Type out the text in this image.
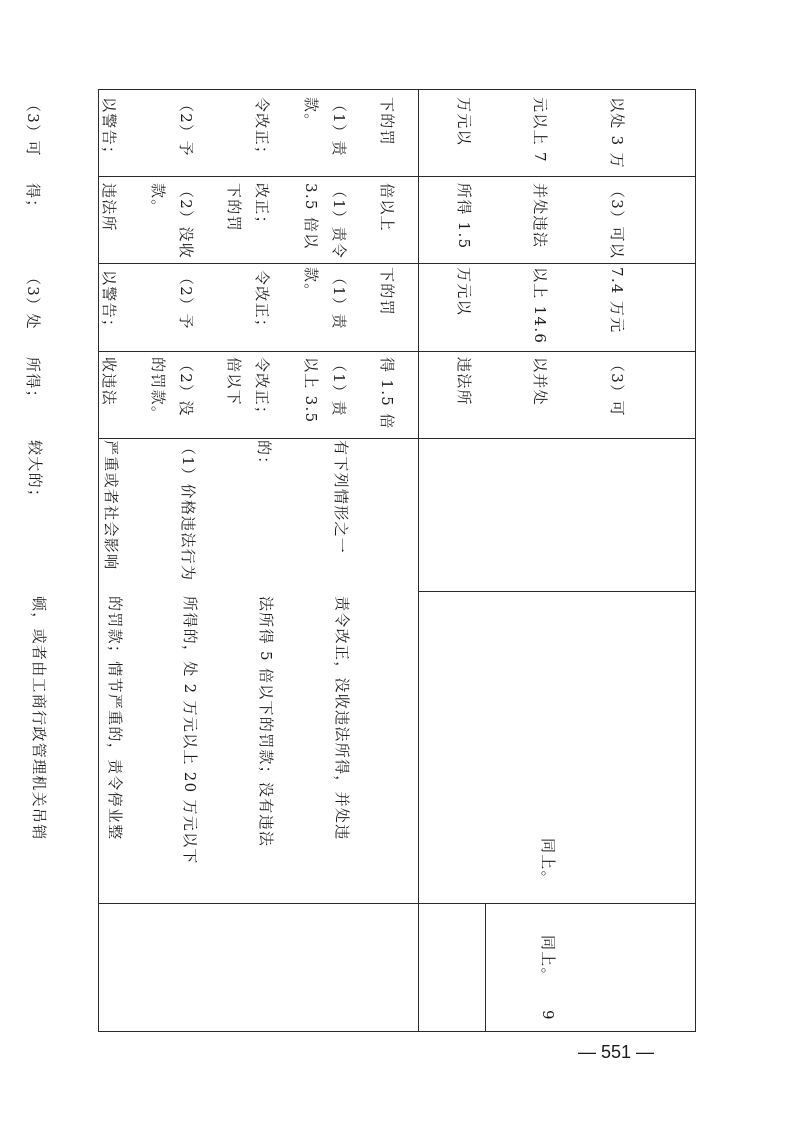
以处 3 万

元以上 7

万元以

下的罚

款。

（3）可以

并处违法

所得 1.5

倍以上

3.5 倍以

下的罚

款。

7.4 万元

以上 14.6

万元以

下的罚

款。

（3）可

以并处

违法所

得 1.5 倍

以上 3.5

倍以下

的罚款。

（1）责

令改正；

（2）予

以警告；

（3）可

（1）责令

改正；

（2）没收

违法所

得；

（1）责

令改正；

（2）予

以警告；

（3）处

（1）责

令改正；

（2）没

收违法

所得；

有下列情形之一

的：

（1）价格违法行为

严重或者社会影响

较大的；

责令改正，没收违法所得，并处违

法所得 5 倍以下的罚款；没有违法

所得的，处 2 万元以上 20 万元以下

的罚款；情节严重的，责令停业整

顿，或者由工商行政管理机关吊销

同上。
同上。
9
— 551 —
